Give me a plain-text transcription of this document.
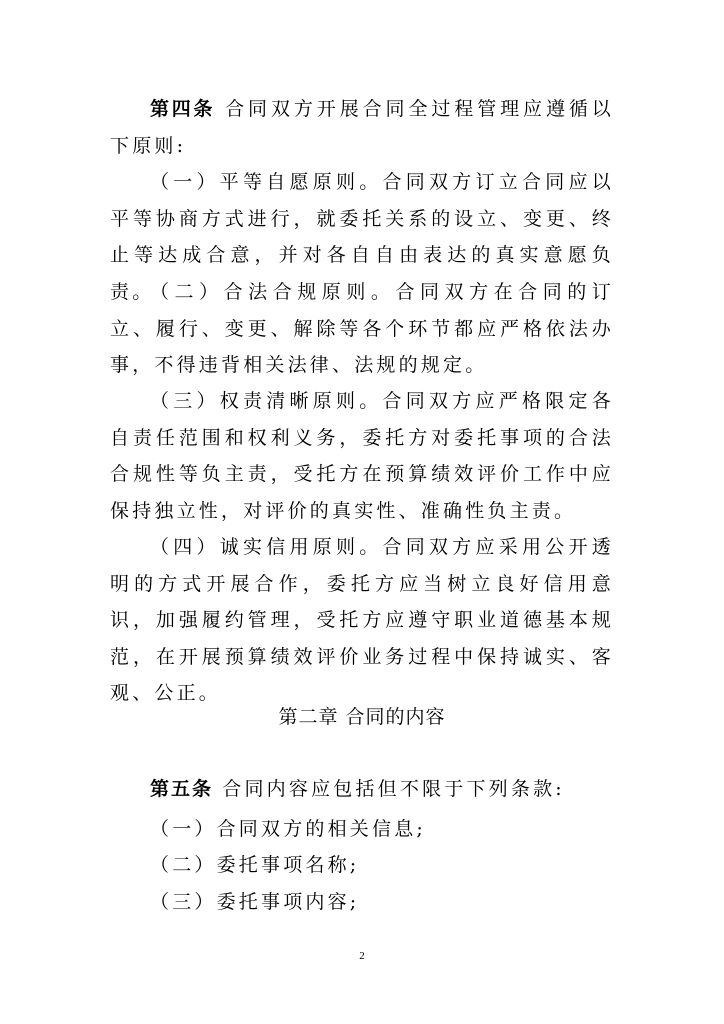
第四条 合同双方开展合同全过程管理应遵循以下原则:

（一）平等自愿原则。合同双方订立合同应以平等协商方式进行，就委托关系的设立、变更、终止等达成合意，并对各自自由表达的真实意愿负责。

（二）合法合规原则。合同双方在合同的订立、履行、变更、解除等各个环节都应严格依法办事，不得违背相关法律、法规的规定。

（三）权责清晰原则。合同双方应严格限定各自责任范围和权利义务，委托方对委托事项的合法合规性等负主责，受托方在预算绩效评价工作中应保持独立性，对评价的真实性、准确性负主责。

（四）诚实信用原则。合同双方应采用公开透明的方式开展合作，委托方应当树立良好信用意识，加强履约管理，受托方应遵守职业道德基本规范，在开展预算绩效评价业务过程中保持诚实、客观、公正。

第二章 合同的内容

第五条 合同内容应包括但不限于下列条款:

（一）合同双方的相关信息;

（二）委托事项名称;

（三）委托事项内容;

2
